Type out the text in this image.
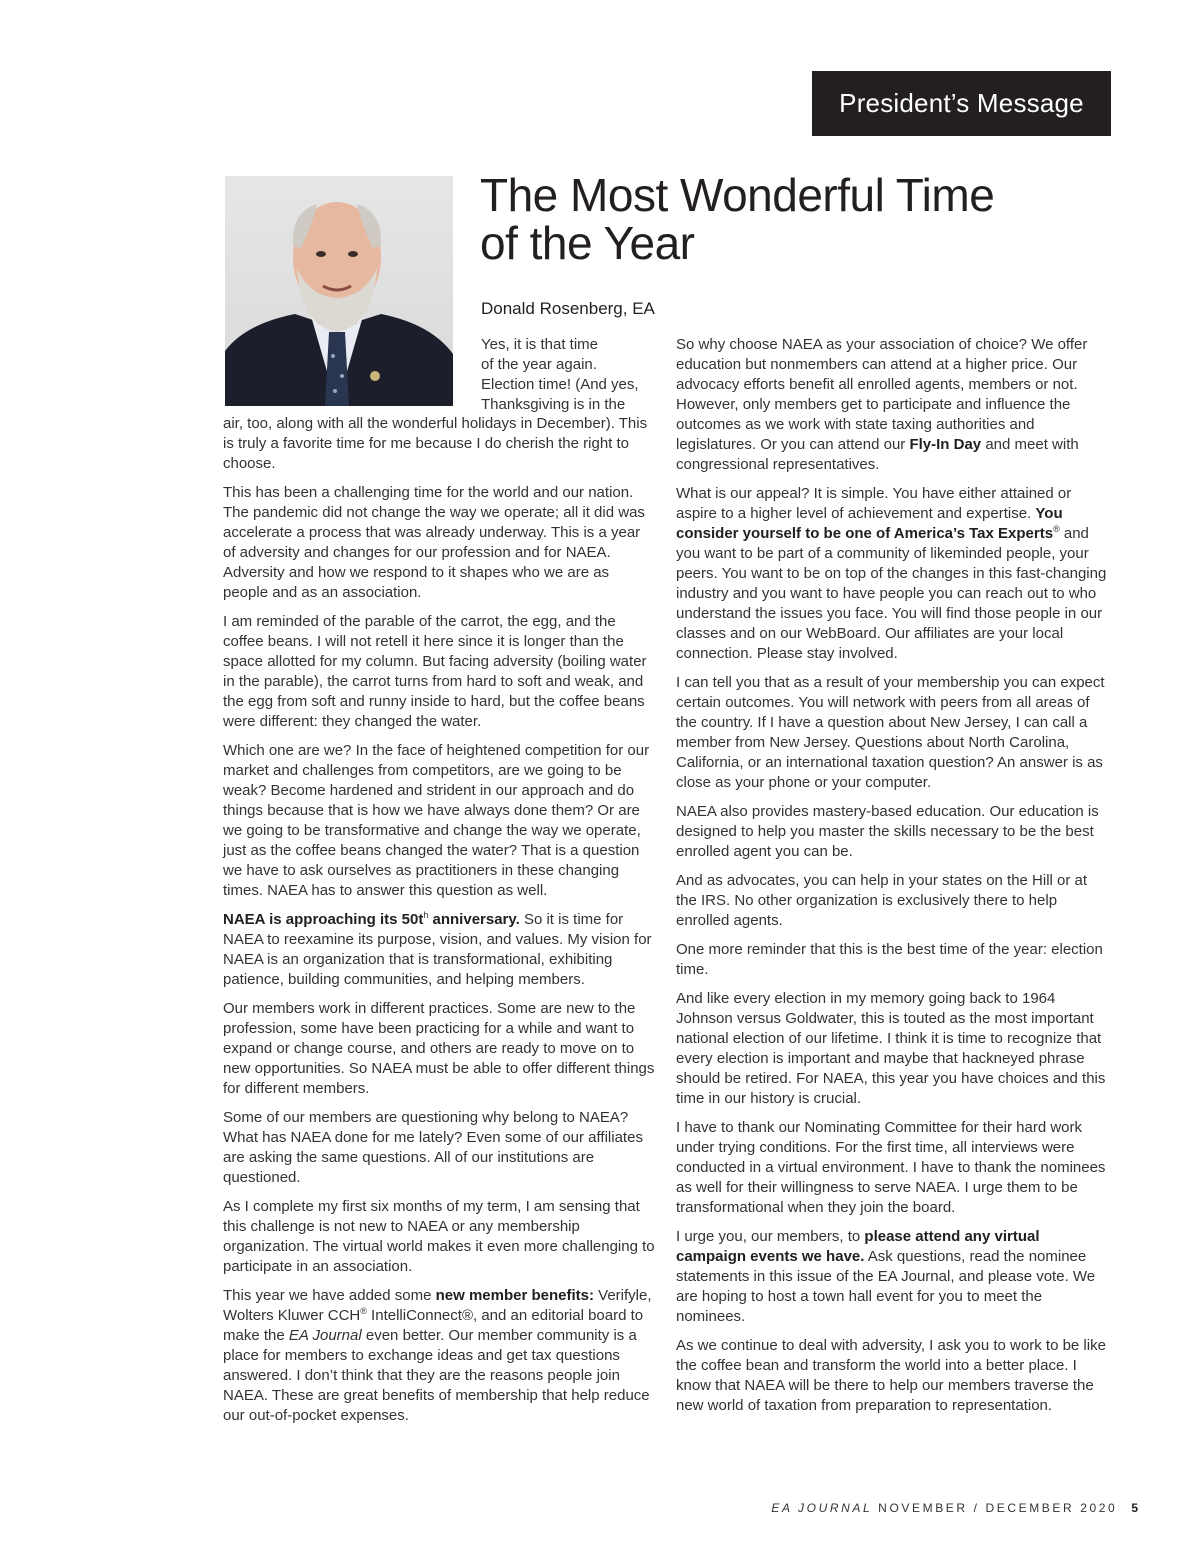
President’s Message
The Most Wonderful Time
of the Year
Donald Rosenberg, EA
Yes, it is that time
of the year again.
Election time! (And yes,
Thanksgiving is in the

air, too, along with all the wonderful holidays in December). This is truly a favorite time for me because I do cherish the right to choose.

This has been a challenging time for the world and our nation. The pandemic did not change the way we operate; all it did was accelerate a process that was already underway. This is a year of adversity and changes for our profession and for NAEA. Adversity and how we respond to it shapes who we are as people and as an association.

I am reminded of the parable of the carrot, the egg, and the coffee beans. I will not retell it here since it is longer than the space allotted for my column. But facing adversity (boiling water in the parable), the carrot turns from hard to soft and weak, and the egg from soft and runny inside to hard, but the coffee beans were different: they changed the water.

Which one are we? In the face of heightened competition for our market and challenges from competitors, are we going to be weak? Become hardened and strident in our approach and do things because that is how we have always done them? Or are we going to be transformative and change the way we operate, just as the coffee beans changed the water? That is a question we have to ask ourselves as practitioners in these changing times. NAEA has to answer this question as well.

NAEA is approaching its $50t^h$ anniversary. So it is time for NAEA to reexamine its purpose, vision, and values. My vision for NAEA is an organization that is transformational, exhibiting patience, building communities, and helping members.

Our members work in different practices. Some are new to the profession, some have been practicing for a while and want to expand or change course, and others are ready to move on to new opportunities. So NAEA must be able to offer different things for different members.

Some of our members are questioning why belong to NAEA? What has NAEA done for me lately? Even some of our affiliates are asking the same questions. All of our institutions are questioned.

As I complete my first six months of my term, I am sensing that this challenge is not new to NAEA or any membership organization. The virtual world makes it even more challenging to participate in an association.

This year we have added some new member benefits: Verifyle, Wolters Kluwer CCH® IntelliConnect®, and an editorial board to make the EA Journal even better. Our member community is a place for members to exchange ideas and get tax questions answered. I don’t think that they are the reasons people join NAEA. These are great benefits of membership that help reduce our out-of-pocket expenses.

So why choose NAEA as your association of choice? We offer education but nonmembers can attend at a higher price. Our advocacy efforts benefit all enrolled agents, members or not. However, only members get to participate and influence the outcomes as we work with state taxing authorities and legislatures. Or you can attend our Fly-In Day and meet with congressional representatives.

What is our appeal? It is simple. You have either attained or aspire to a higher level of achievement and expertise. You consider yourself to be one of America’s Tax Experts® and you want to be part of a community of likeminded people, your peers. You want to be on top of the changes in this fast-changing industry and you want to have people you can reach out to who understand the issues you face. You will find those people in our classes and on our WebBoard. Our affiliates are your local connection. Please stay involved.

I can tell you that as a result of your membership you can expect certain outcomes. You will network with peers from all areas of the country. If I have a question about New Jersey, I can call a member from New Jersey. Questions about North Carolina, California, or an international taxation question? An answer is as close as your phone or your computer.

NAEA also provides mastery-based education. Our education is designed to help you master the skills necessary to be the best enrolled agent you can be.

And as advocates, you can help in your states on the Hill or at the IRS. No other organization is exclusively there to help enrolled agents.

One more reminder that this is the best time of the year: election time.

And like every election in my memory going back to 1964 Johnson versus Goldwater, this is touted as the most important national election of our lifetime. I think it is time to recognize that every election is important and maybe that hackneyed phrase should be retired. For NAEA, this year you have choices and this time in our history is crucial.

I have to thank our Nominating Committee for their hard work under trying conditions. For the first time, all interviews were conducted in a virtual environment. I have to thank the nominees as well for their willingness to serve NAEA. I urge them to be transformational when they join the board.

I urge you, our members, to please attend any virtual campaign events we have. Ask questions, read the nominee statements in this issue of the EA Journal, and please vote. We are hoping to host a town hall event for you to meet the nominees.

As we continue to deal with adversity, I ask you to work to be like the coffee bean and transform the world into a better place. I know that NAEA will be there to help our members traverse the new world of taxation from preparation to representation.

EA JOURNAL NOVEMBER / DECEMBER 2020 5
